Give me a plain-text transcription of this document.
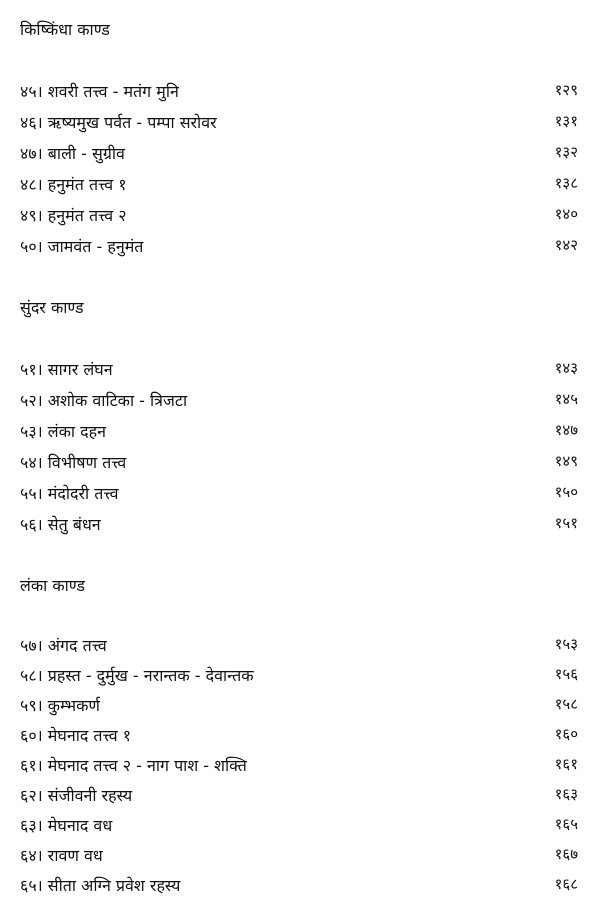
किष्किंधा काण्ड
४५। शवरी तत्त्व - मतंग मुनि	१२९
४६। ऋष्यमुख पर्वत - पम्पा सरोवर	१३१
४७। बाली - सुग्रीव	१३२
४८। हनुमंत तत्त्व १	१३८
४९। हनुमंत तत्त्व २	१४०
५०। जामवंत - हनुमंत	१४२
सुंदर काण्ड
५१। सागर लंघन	१४३
५२। अशोक वाटिका - त्रिजटा	१४५
५३। लंका दहन	१४७
५४। विभीषण तत्त्व	१४९
५५। मंदोदरी तत्त्व	१५०
५६। सेतु बंधन	१५१
लंका काण्ड
५७। अंगद तत्त्व	१५३
५८। प्रहस्त - दुर्मुख - नरान्तक - देवान्तक	१५६
५९। कुम्भकर्ण	१५८
६०। मेघनाद तत्त्व १	१६०
६१। मेघनाद तत्त्व २ - नाग पाश - शक्ति	१६१
६२। संजीवनी रहस्य	१६३
६३। मेघनाद वध	१६५
६४। रावण वध	१६७
६५। सीता अग्नि प्रवेश रहस्य	१६८
